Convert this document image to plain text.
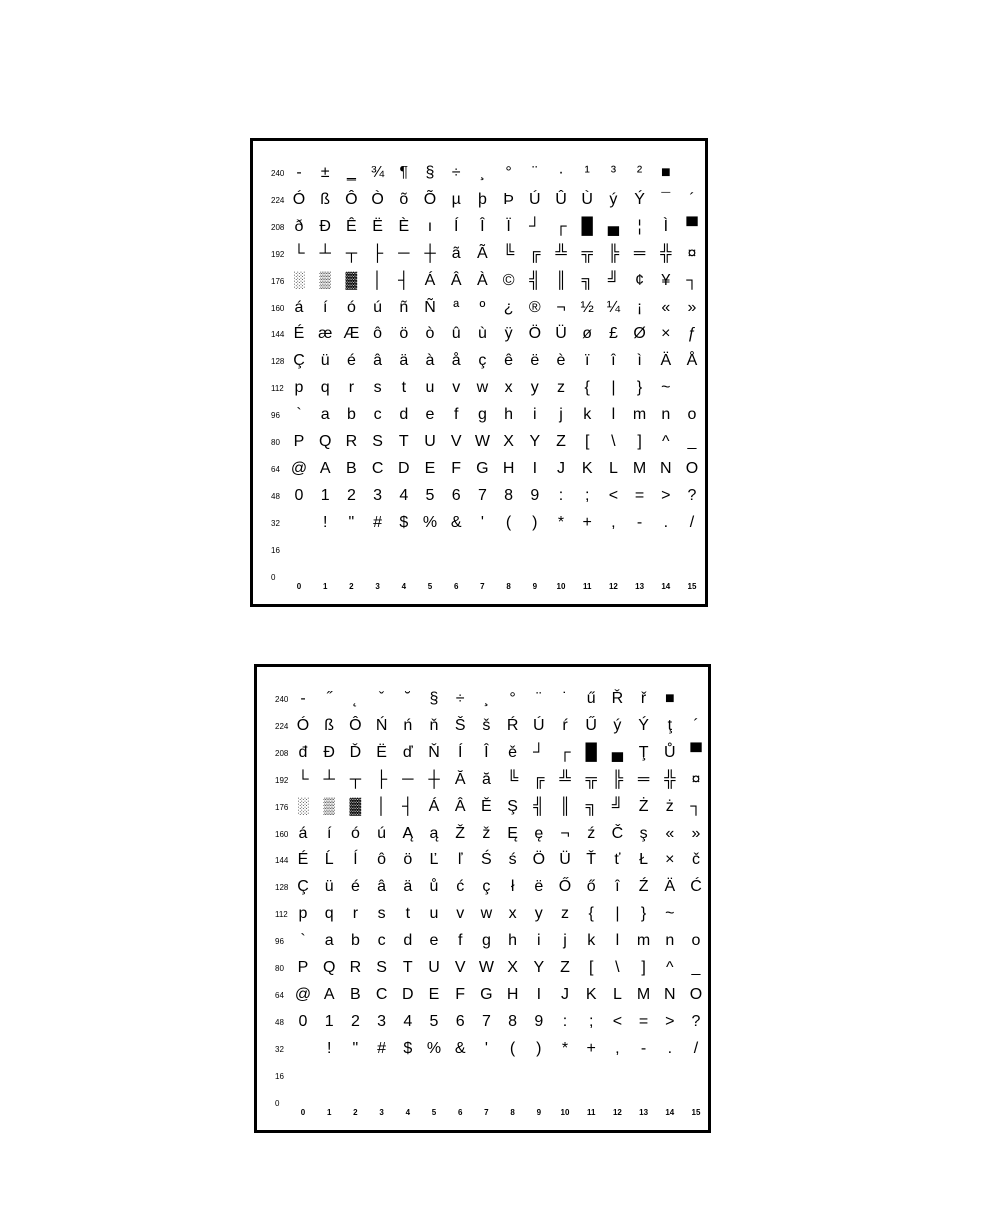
240 -	±	‗ ¾ ¶	§	÷	¸	°	¨	·	¹	³	²	■
224 Ó ß Ô Ò õ Õ µ	þ	Þ Ú Û Ù	ý	Ý	¯	´
208 ð Ð Ê Ë È	ı	Í	Î	Ï	┘ ┌ █ ▄	¦	Ì	▀
192 └ ┴ ┬ ├ ─ ┼	ã	Ã ╚ ╔ ╩ ╦ ╠ ═ ╬	¤
176 ░ ▒ ▓ │ ┤ Á Â À © ╣ ║ ╗ ╝	¢	¥	┐
160 á	í	ó	ú	ñ Ñ	ª	º	¿ ® ¬ ½ ¼	¡	«	»
144 É æ Æ ô	ö	ò	û	ù	ÿ Ö Ü ø	£ Ø ×	ƒ
128 Ç ü	é	â	ä	à	å	ç	ê	ë	è	ï	î	ì	Ä Å
112 p	q	r	s	t	u	v	w	x	y	z	{	|	}	~
96	`	a	b	c	d	e	f	g	h	i	j	k	l	m n	o
80 P Q R S T U V W X Y Z	[	\	]	^	_
64 @ A B C D E F G H	I	J	K	L M N O
48 0	1	2	3	4	5	6	7	8	9	:	;	<	=	>	?
32	!	"	#	$ % &	'	(	)	*	+	,	-	.	/
16
0
0	1	2	3	4	5	6	7	8	9	10	11	12	13	14	15
240 -	˝	˛	ˇ	˘	§	÷	¸	°	¨	˙	ű Ř	ř	■
224 Ó ß Ô Ń ń	ň	Š	š	Ŕ Ú	ŕ	Ű	ý	Ý	ţ	´
208 đ Đ Ď Ë ď Ň	Í	Î	ě	┘ ┌ █ ▄ Ţ Ů ▀
192 └ ┴ ┬ ├ ─ ┼ Ă	ă	╚ ╔ ╩ ╦ ╠ ═ ╬	¤
176 ░ ▒ ▓ │ ┤ Á Â Ě Ş ╣ ║ ╗ ╝ Ż	ż	┐
160 á	í	ó	ú	Ą	ą	Ž	ž	Ę	ę	¬	ź	Č	ş	«	»
144 É	Ĺ	ĺ	ô	ö	Ľ	ľ	Ś	ś Ö Ü Ť	ť	Ł	×	č
128 Ç ü	é	â	ä	ů	ć	ç	ł	ë Ő ő	î	Ź Ä Ć
112 p	q	r	s	t	u	v	w	x	y	z	{	|	}	~
96	`	a	b	c	d	e	f	g	h	i	j	k	l	m n	o
80 P Q R S T U V W X Y Z	[	\	]	^	_
64 @ A B C D E F G H	I	J	K	L M N O
48 0	1	2	3	4	5	6	7	8	9	:	;	<	=	>	?
32	!	"	#	$ % &	'	(	)	*	+	,	-	.	/
16
0
0	1	2	3	4	5	6	7	8	9	10	11	12	13	14	15
